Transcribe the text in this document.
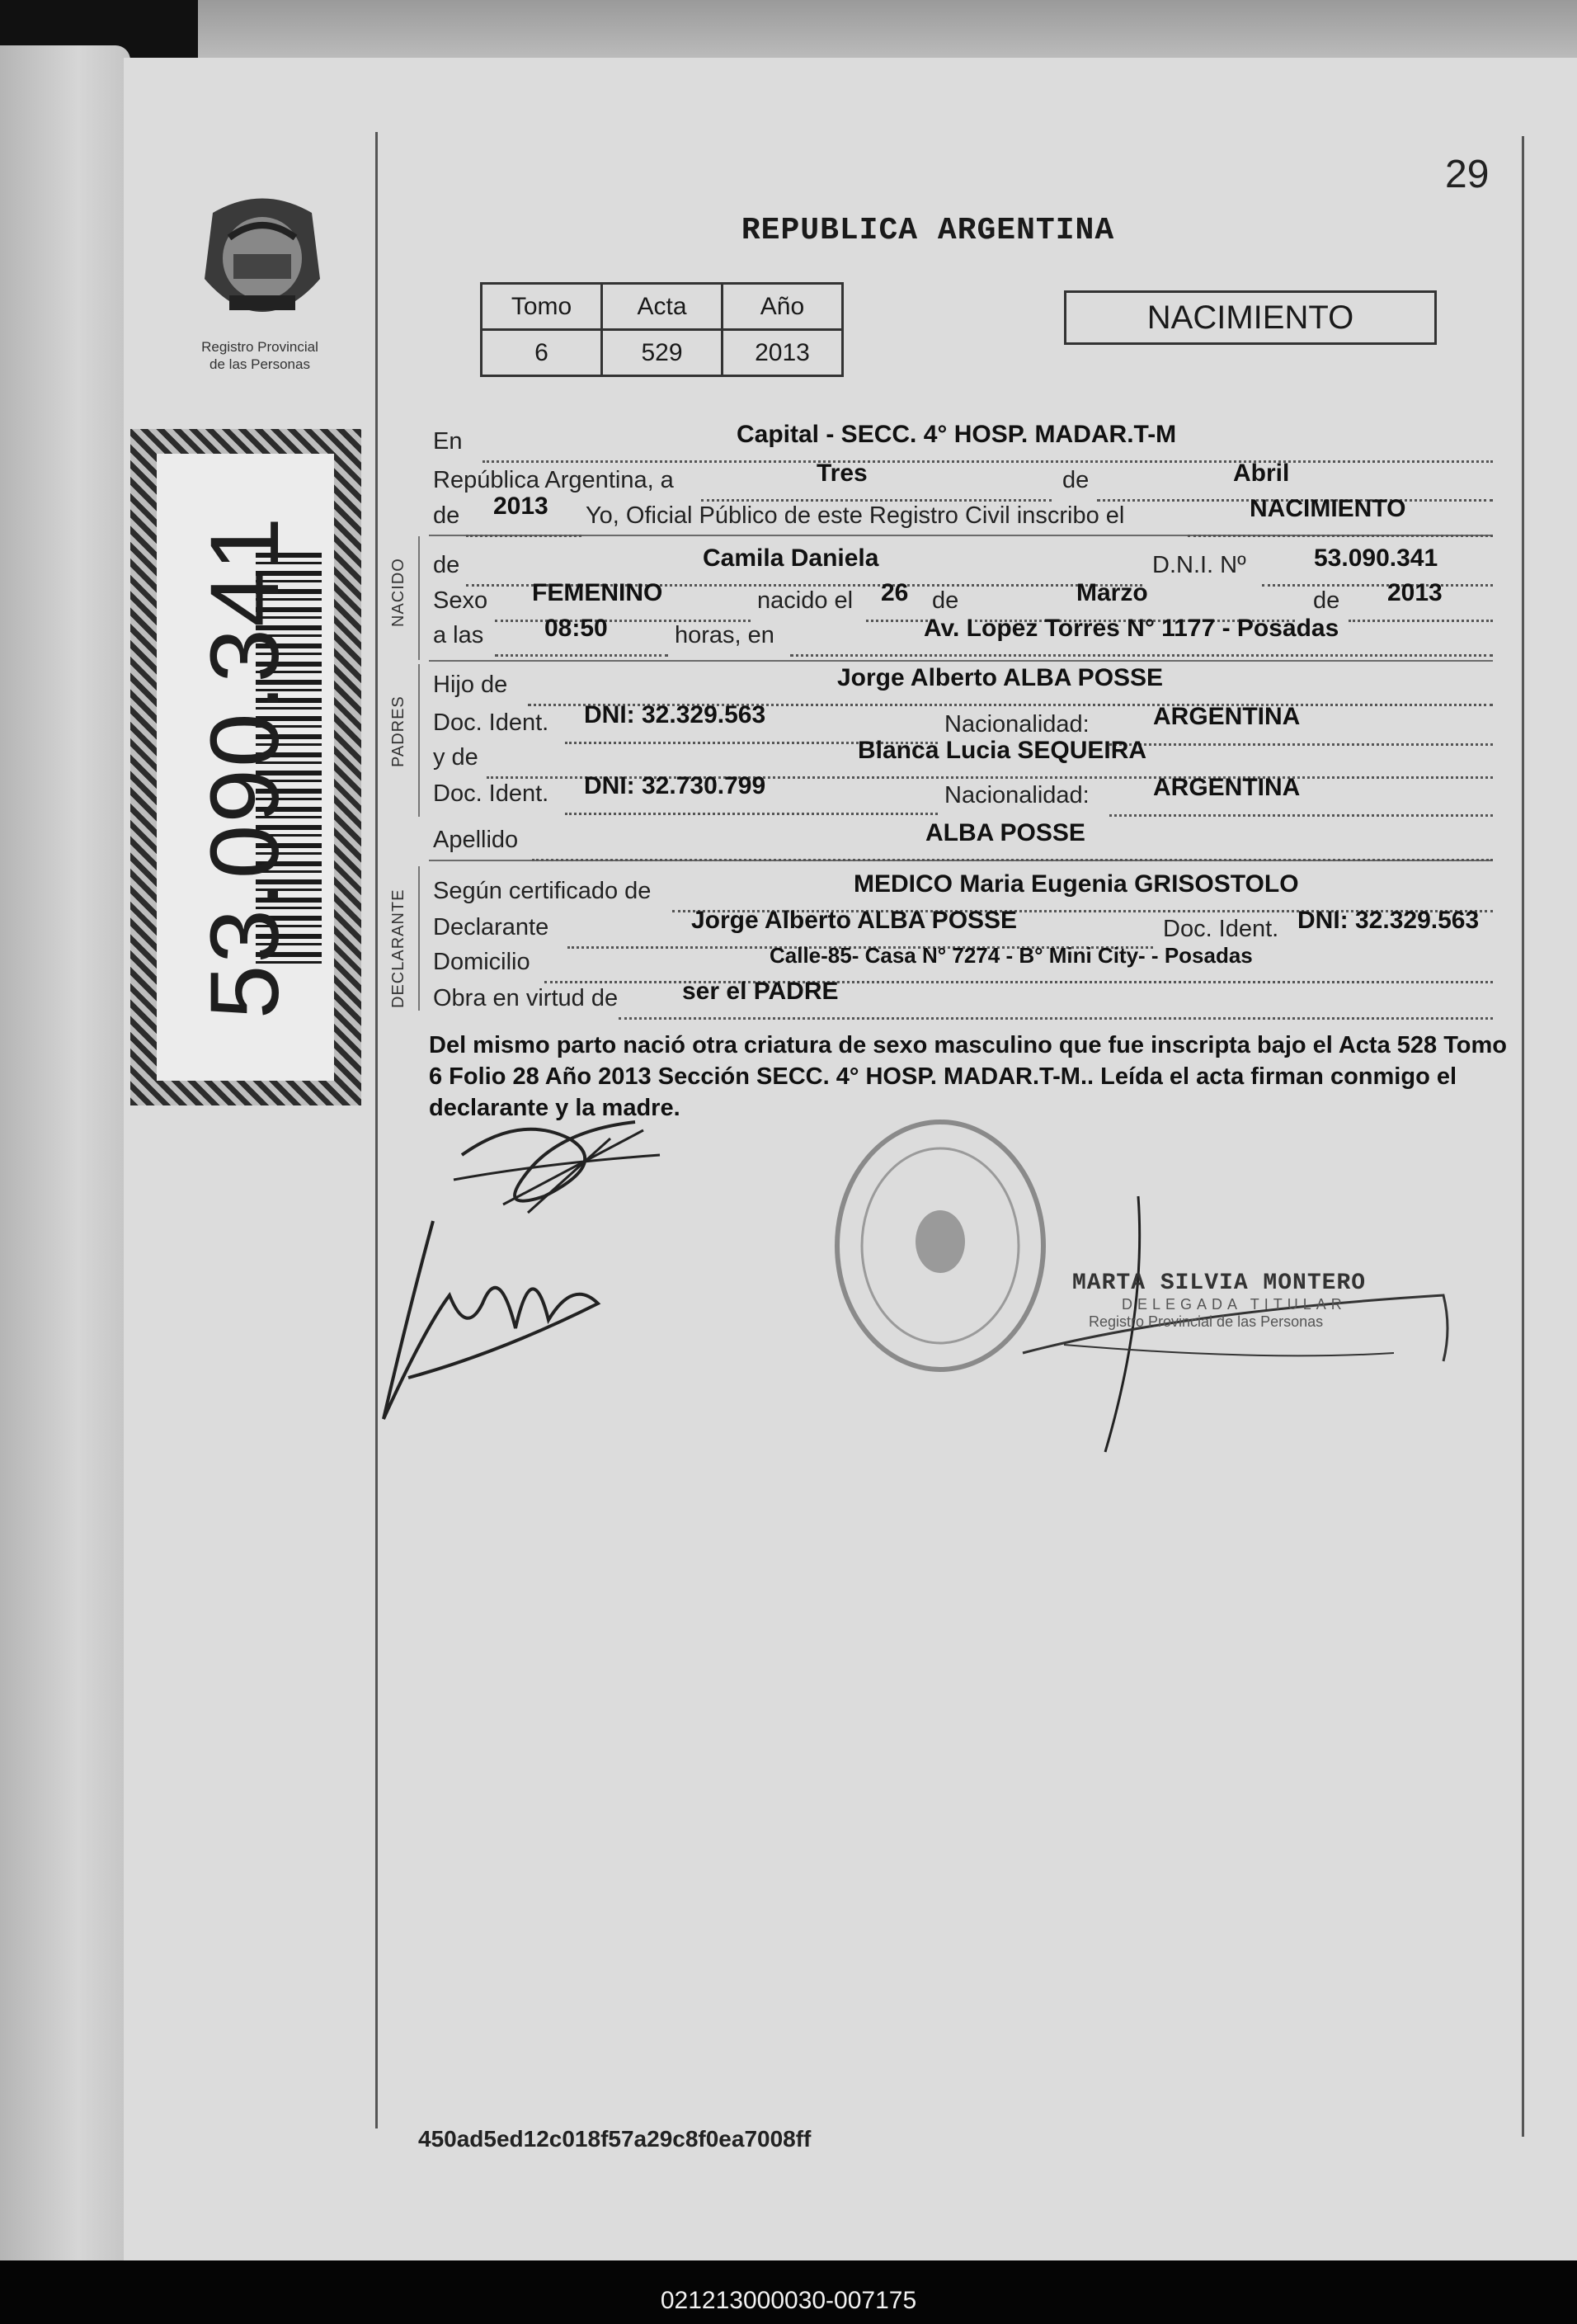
021213000030-007175
Registro Provincial
de las Personas
53.090.341
29
REPUBLICA ARGENTINA
Tomo	Acta	Año
6	529	2013
NACIMIENTO
NACIDO
PADRES
DECLARANTE
En	Capital - SECC. 4° HOSP. MADAR.T-M
República Argentina, a	Tres	de	Abril
de 2013 Yo, Oficial Público de este Registro Civil inscribo el	NACIMIENTO
de	Camila Daniela	D.N.I. Nº	53.090.341
Sexo FEMENINO	nacido el 26 de	Marzo	de 2013
a las 08:50	horas, en	Av. Lopez Torres N° 1177 - Posadas
Hijo de	Jorge Alberto ALBA POSSE
Doc. Ident. DNI: 32.329.563	Nacionalidad:	ARGENTINA
y de	Blanca Lucia SEQUEIRA
Doc. Ident. DNI: 32.730.799	Nacionalidad:	ARGENTINA
Apellido	ALBA POSSE
Según certificado de	MEDICO Maria Eugenia GRISOSTOLO
Declarante	Jorge Alberto ALBA POSSE	Doc. Ident. DNI: 32.329.563
Domicilio	Calle-85- Casa N° 7274 - B° Mini City- - Posadas
Obra en virtud de	ser el PADRE
Del mismo parto nació otra criatura de sexo masculino que fue inscripta bajo el Acta 528 Tomo 6 Folio 28 Año 2013 Sección SECC. 4° HOSP. MADAR.T-M.. Leída el acta firman conmigo el declarante y la madre.
MARTA SILVIA MONTERO
DELEGADA TITULAR
Registro Provincial de las Personas
450ad5ed12c018f57a29c8f0ea7008ff
